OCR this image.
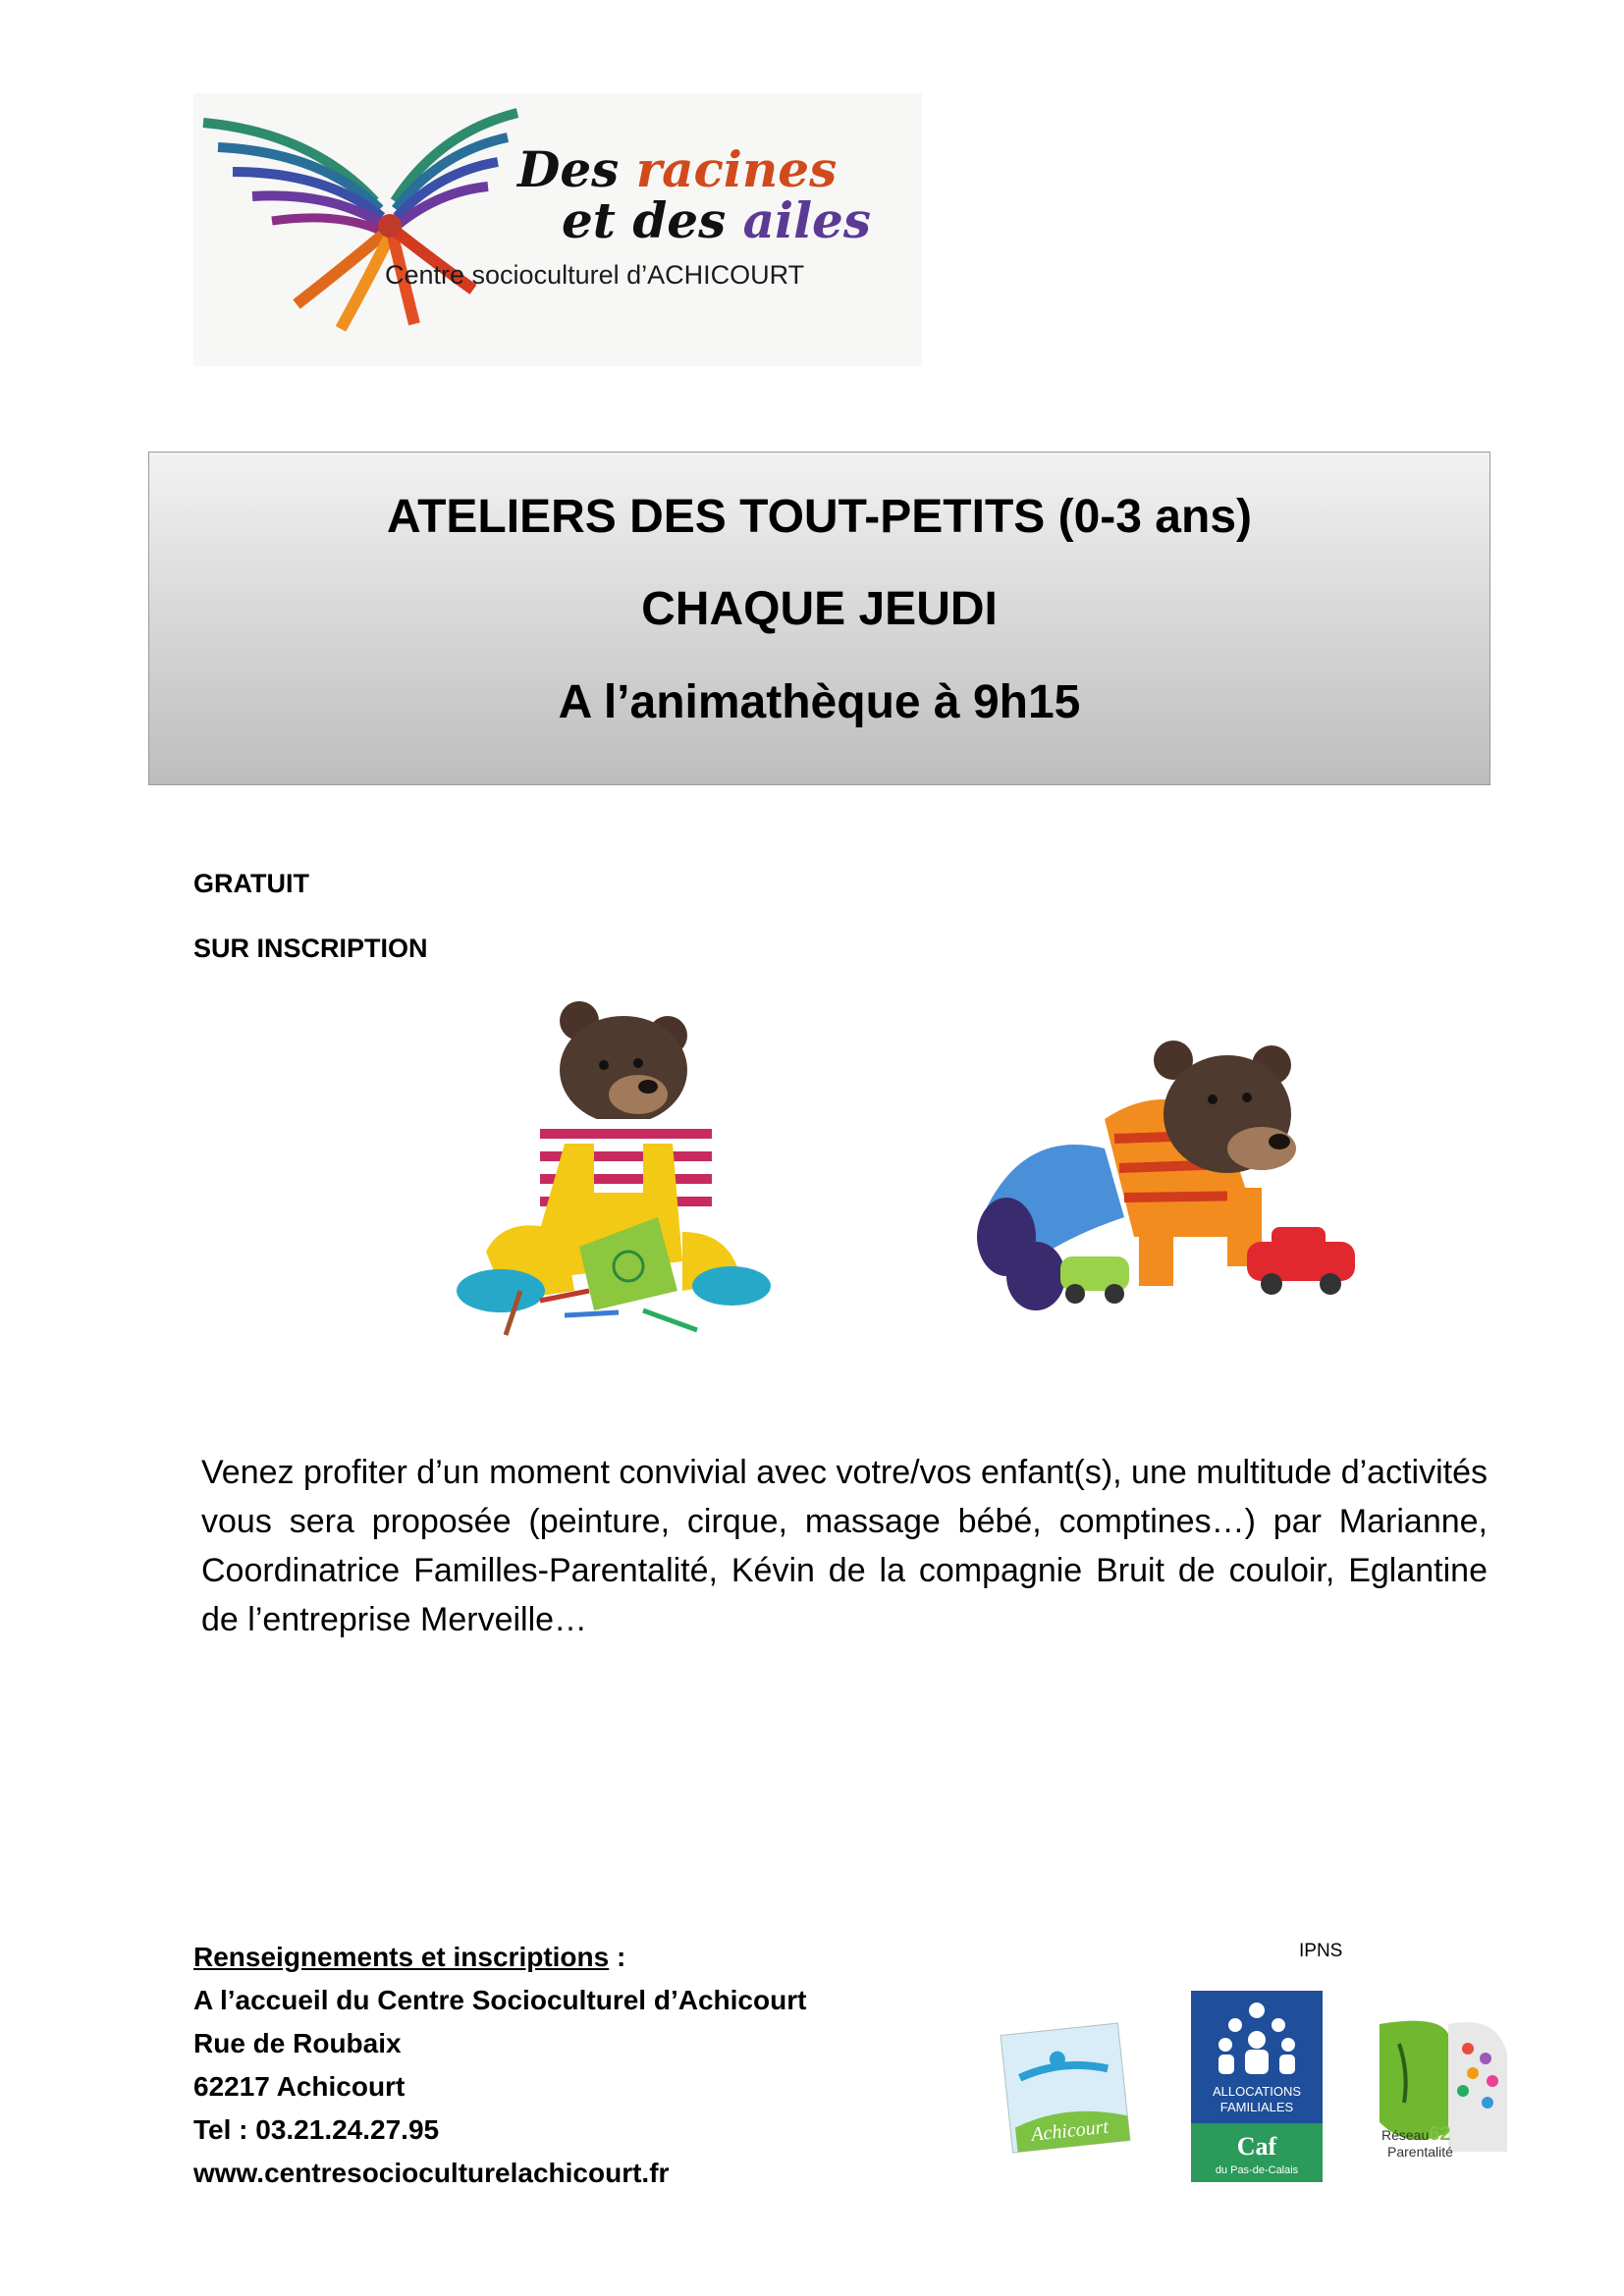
Des racines
et des ailes
Centre socioculturel d’ACHICOURT
ATELIERS DES TOUT-PETITS (0-3 ans)
CHAQUE JEUDI
A l’animathèque à 9h15
GRATUIT
SUR INSCRIPTION
Venez profiter d’un moment convivial avec votre/vos enfant(s), une multitude d’activités vous sera proposée (peinture, cirque, massage bébé, comptines…) par Marianne, Coordinatrice Familles-Parentalité, Kévin de la compagnie Bruit de couloir, Eglantine de l’entreprise Merveille…
Renseignements et inscriptions :
A l’accueil du Centre Socioculturel d’Achicourt
Rue de Roubaix
62217 Achicourt
Tel : 03.21.24.27.95
www.centresocioculturelachicourt.fr
IPNS
Achicourt
ALLOCATIONS
FAMILIALES
Caf
du Pas-de-Calais
Réseau62
Parentalité
